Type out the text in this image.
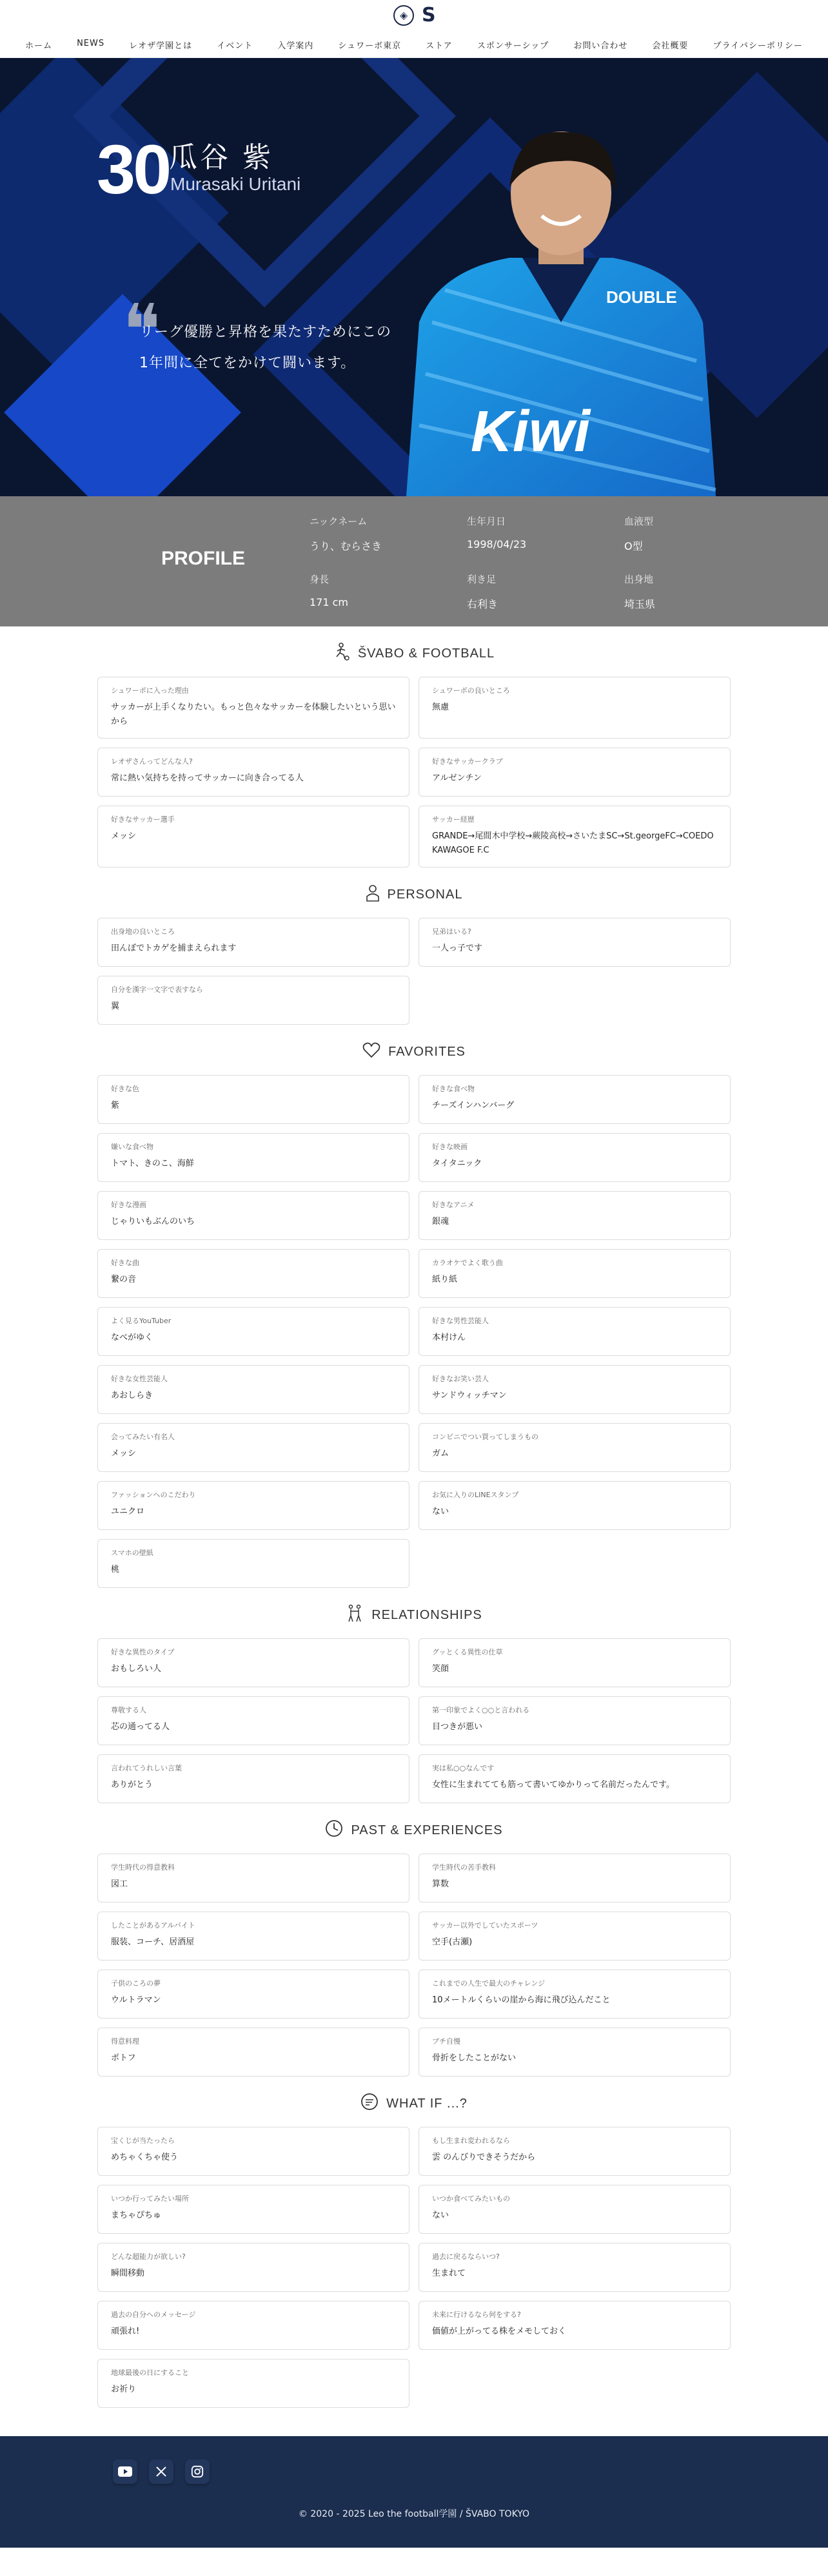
◈ S
ホーム	NEWS	レオザ学園とは	イベント	入学案内	シュワーボ東京	ストア	スポンサーシップ	お問い合わせ	会社概要	プライバシーポリシー
DOUBLE
Kiwi
30 瓜谷 紫
Murasaki Uritani
❝
リーグ優勝と昇格を果たすためにこの
1年間に全てをかけて闘います。
PROFILE
ニックネーム
うり、むらさき
生年月日
1998/04/23
血液型
O型
身長
171 cm
利き足
右利き
出身地
埼玉県
ŠVABO & FOOTBALL
シュワーボに入った理由
サッカーが上手くなりたい。もっと色々なサッカーを体験したいという思いから
シュワーボの良いところ
無慮
レオザさんってどんな人?
常に熱い気持ちを持ってサッカーに向き合ってる人
好きなサッカークラブ
アルゼンチン
好きなサッカー選手
メッシ
サッカー経歴
GRANDE→尾間木中学校→蕨陵高校→さいたまSC→St.georgeFC→COEDO KAWAGOE F.C
PERSONAL
出身地の良いところ
田んぼでトカゲを捕まえられます
兄弟はいる?
一人っ子です
自分を漢字一文字で表すなら
翼
FAVORITES
好きな色
紫
好きな食べ物
チーズインハンバーグ
嫌いな食べ物
トマト、きのこ、海鮮
好きな映画
タイタニック
好きな漫画
じゃりいもぶんのいち
好きなアニメ
銀魂
好きな曲
繋の音
カラオケでよく歌う曲
紙り紙
よく見るYouTuber
なべがゆく
好きな男性芸能人
本村けん
好きな女性芸能人
あおしらき
好きなお笑い芸人
サンドウィッチマン
会ってみたい有名人
メッシ
コンビニでつい買ってしまうもの
ガム
ファッションへのこだわり
ユニクロ
お気に入りのLINEスタンプ
ない
スマホの壁紙
桃
RELATIONSHIPS
好きな異性のタイプ
おもしろい人
グッとくる異性の仕草
笑顔
尊敬する人
芯の通ってる人
第一印象でよく○○と言われる
目つきが悪い
言われてうれしい言葉
ありがとう
実は私○○なんです
女性に生まれてても筋って書いてゆかりって名前だったんです。
PAST & EXPERIENCES
学生時代の得意教科
図工
学生時代の苦手教科
算数
したことがあるアルバイト
服装、コーチ、居酒屋
サッカー以外でしていたスポーツ
空手(古瀬)
子供のころの夢
ウルトラマン
これまでの人生で最大のチャレンジ
10メートルくらいの崖から海に飛び込んだこと
得意料理
ポトフ
プチ自慢
骨折をしたことがない
WHAT IF ...?
宝くじが当たったら
めちゃくちゃ使う
もし生まれ変われるなら
雲 のんびりできそうだから
いつか行ってみたい場所
まちゃぴちゅ
いつか食べてみたいもの
ない
どんな超能力が欲しい?
瞬間移動
過去に戻るならいつ?
生まれて
過去の自分へのメッセージ
頑張れ!
未来に行けるなら何をする?
価値が上がってる株をメモしておく
地球最後の日にすること
お祈り
© 2020 - 2025 Leo the football学園 / ŠVABO TOKYO
